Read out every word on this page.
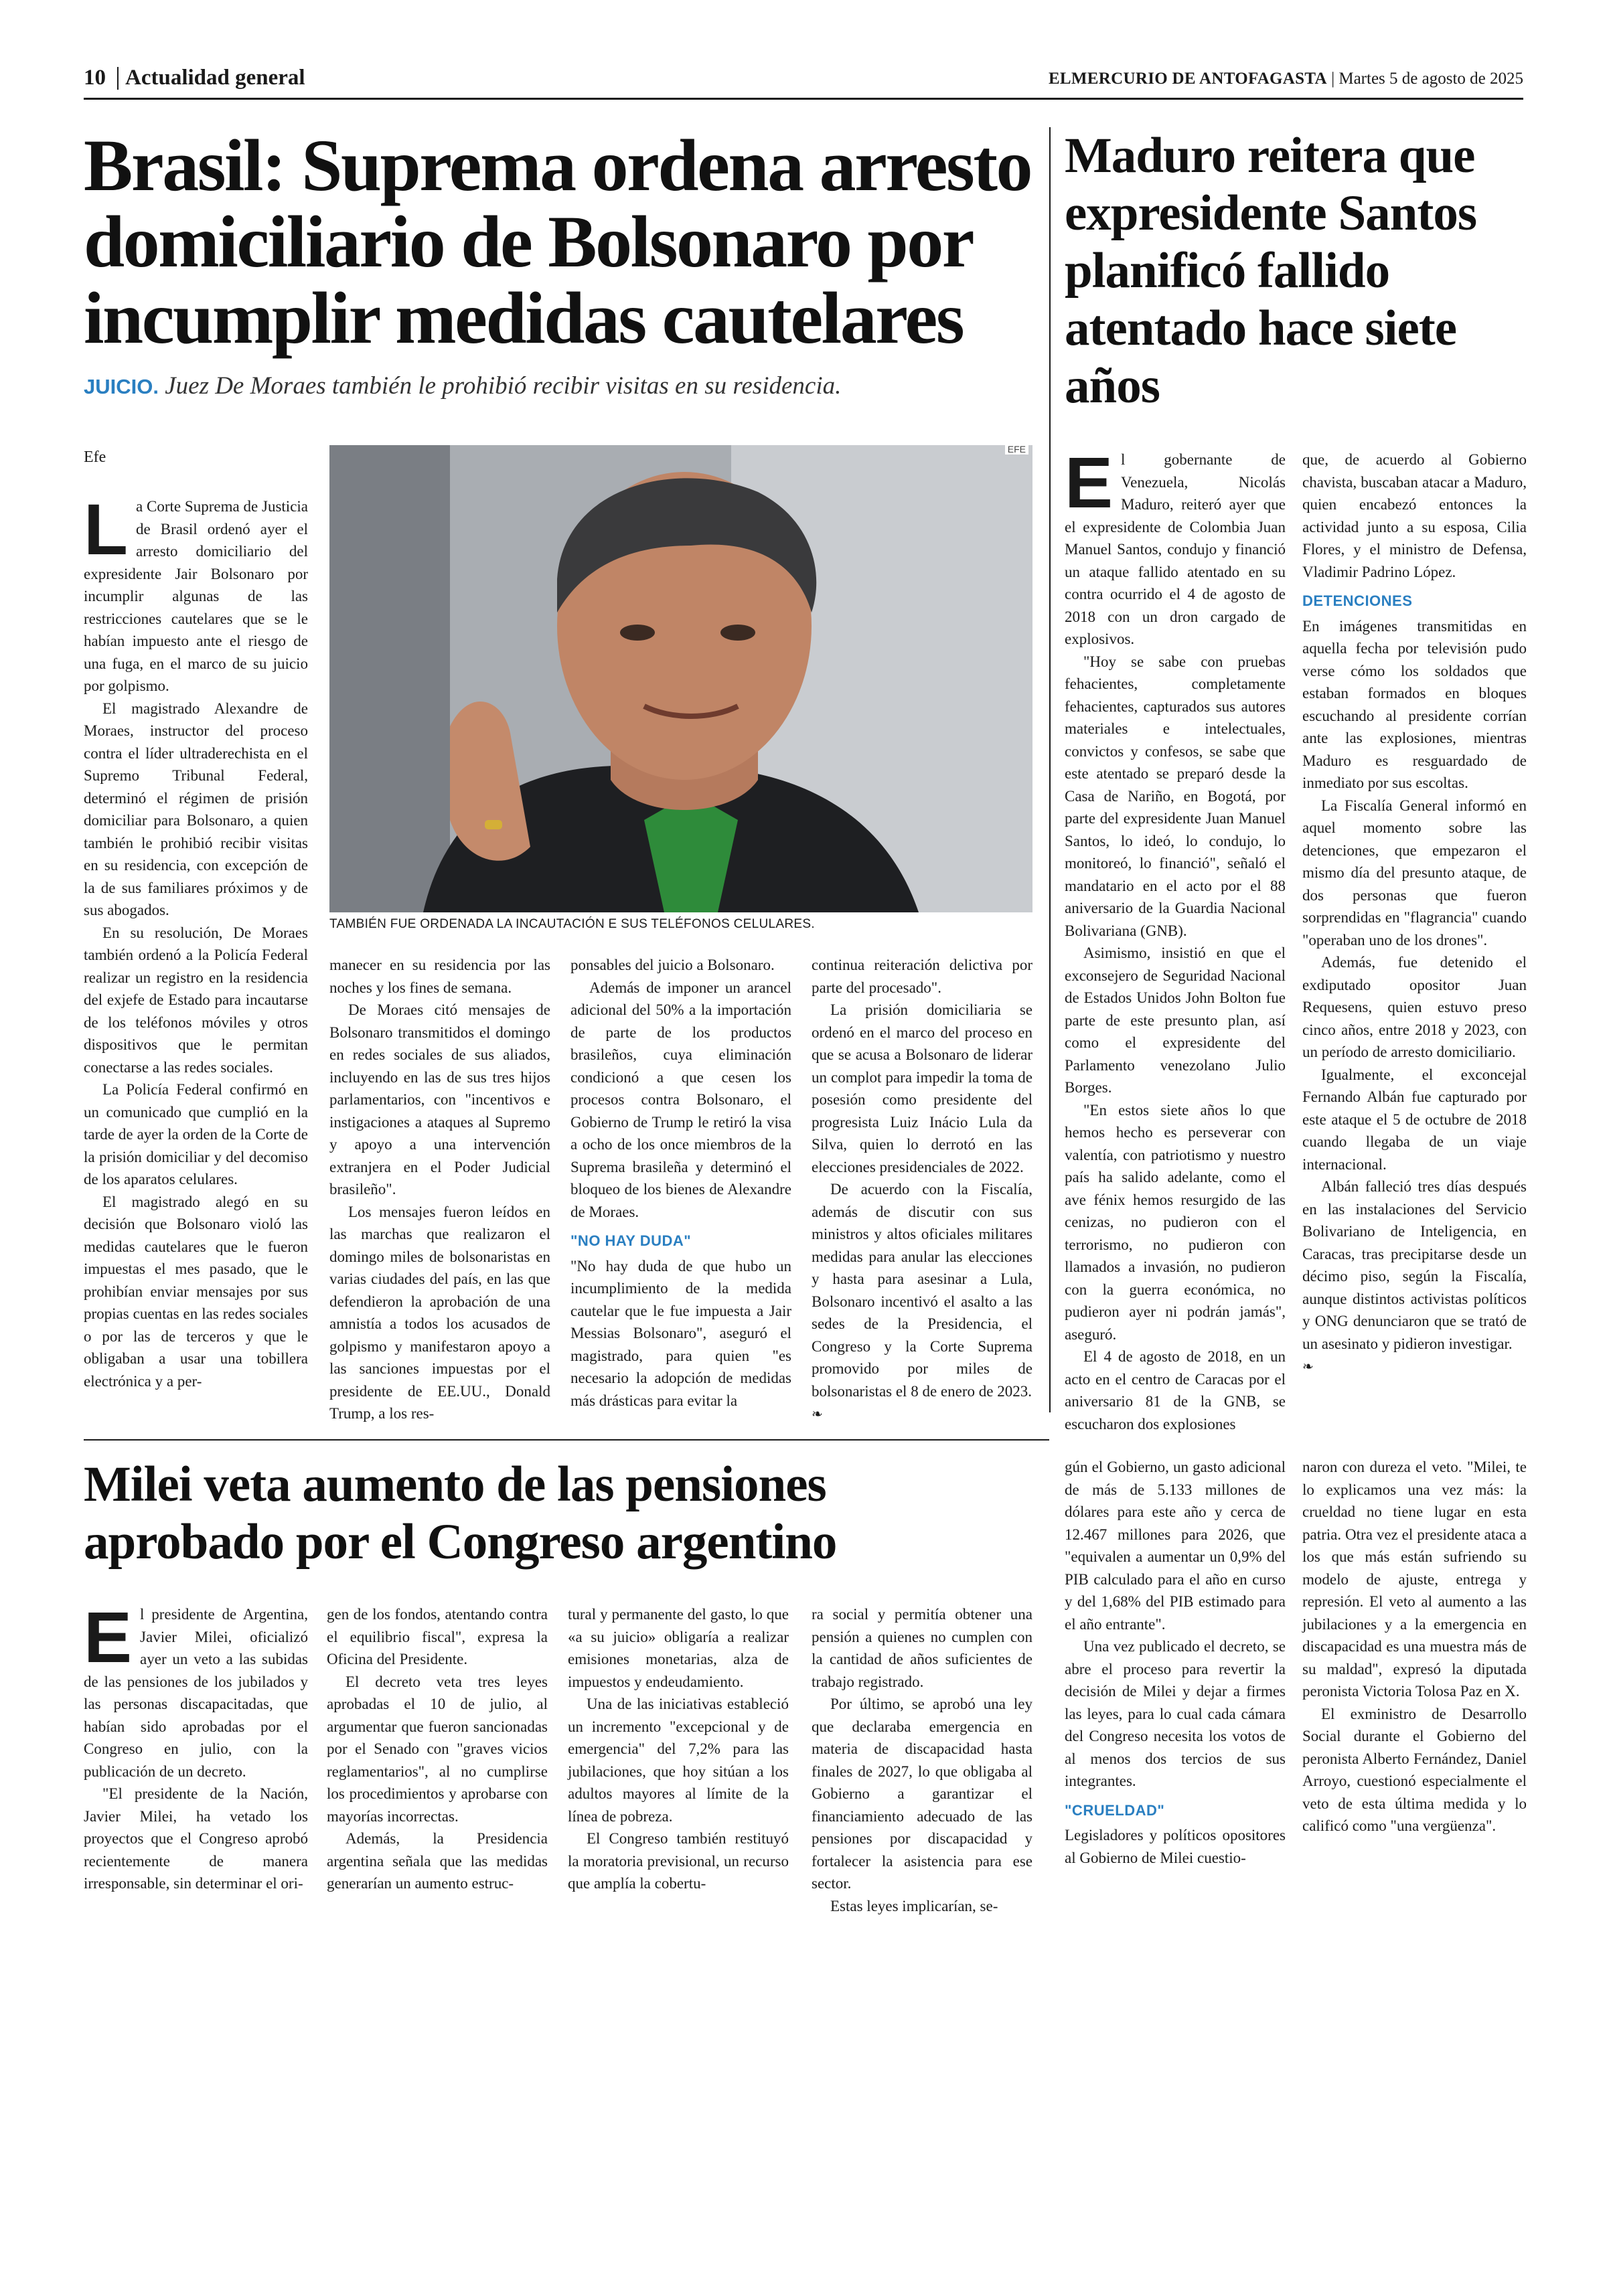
10 Actualidad general	ELMERCURIO DE ANTOFAGASTA | Martes 5 de agosto de 2025
Brasil: Suprema ordena arresto domiciliario de Bolsonaro por incumplir medidas cautelares
JUICIO. Juez De Moraes también le prohibió recibir visitas en su residencia.
Efe	EFE
TAMBIÉN FUE ORDENADA LA INCAUTACIÓN E SUS TELÉFONOS CELULARES.
L a Corte Suprema de Justicia de Brasil ordenó ayer el arresto domiciliario del expresidente Jair Bolsonaro por incumplir algunas de las restricciones cautelares que se le habían impuesto ante el riesgo de una fuga, en el marco de su juicio por golpismo.

El magistrado Alexandre de Moraes, instructor del proceso contra el líder ultraderechista en el Supremo Tribunal Federal, determinó el régimen de prisión domiciliar para Bolsonaro, a quien también le prohibió recibir visitas en su residencia, con excepción de la de sus familiares próximos y de sus abogados.

En su resolución, De Moraes también ordenó a la Policía Federal realizar un registro en la residencia del exjefe de Estado para incautarse de los teléfonos móviles y otros dispositivos que le permitan conectarse a las redes sociales.

La Policía Federal confirmó en un comunicado que cumplió en la tarde de ayer la orden de la Corte de la prisión domiciliar y del decomiso de los aparatos celulares.

El magistrado alegó en su decisión que Bolsonaro violó las medidas cautelares que le fueron impuestas el mes pasado, que le prohibían enviar mensajes por sus propias cuentas en las redes sociales o por las de terceros y que le obligaban a usar una tobillera electrónica y a per-

manecer en su residencia por las noches y los fines de semana.

De Moraes citó mensajes de Bolsonaro transmitidos el domingo en redes sociales de sus aliados, incluyendo en las de sus tres hijos parlamentarios, con "incentivos e instigaciones a ataques al Supremo y apoyo a una intervención extranjera en el Poder Judicial brasileño".

Los mensajes fueron leídos en las marchas que realizaron el domingo miles de bolsonaristas en varias ciudades del país, en las que defendieron la aprobación de una amnistía a todos los acusados de golpismo y manifestaron apoyo a las sanciones impuestas por el presidente de EE.UU., Donald Trump, a los res-

ponsables del juicio a Bolsonaro.

Además de imponer un arancel adicional del 50% a la importación de parte de los productos brasileños, cuya eliminación condicionó a que cesen los procesos contra Bolsonaro, el Gobierno de Trump le retiró la visa a ocho de los once miembros de la Suprema brasileña y determinó el bloqueo de los bienes de Alexandre de Moraes.

"NO HAY DUDA"

"No hay duda de que hubo un incumplimiento de la medida cautelar que le fue impuesta a Jair Messias Bolsonaro", aseguró el magistrado, para quien "es necesario la adopción de medidas más drásticas para evitar la

continua reiteración delictiva por parte del procesado".

La prisión domiciliaria se ordenó en el marco del proceso en que se acusa a Bolsonaro de liderar un complot para impedir la toma de posesión como presidente del progresista Luiz Inácio Lula da Silva, quien lo derrotó en las elecciones presidenciales de 2022.

De acuerdo con la Fiscalía, además de discutir con sus ministros y altos oficiales militares medidas para anular las elecciones y hasta para asesinar a Lula, Bolsonaro incentivó el asalto a las sedes de la Presidencia, el Congreso y la Corte Suprema promovido por miles de bolsonaristas el 8 de enero de 2023.

❧
Maduro reitera que expresidente Santos planificó fallido atentado hace siete años
E l gobernante de Venezuela, Nicolás Maduro, reiteró ayer que el expresidente de Colombia Juan Manuel Santos, condujo y financió un ataque fallido atentado en su contra ocurrido el 4 de agosto de 2018 con un dron cargado de explosivos.

"Hoy se sabe con pruebas fehacientes, completamente fehacientes, capturados sus autores materiales e intelectuales, convictos y confesos, se sabe que este atentado se preparó desde la Casa de Nariño, en Bogotá, por parte del expresidente Juan Manuel Santos, lo ideó, lo condujo, lo monitoreó, lo financió", señaló el mandatario en el acto por el 88 aniversario de la Guardia Nacional Bolivariana (GNB).

Asimismo, insistió en que el exconsejero de Seguridad Nacional de Estados Unidos John Bolton fue parte de este presunto plan, así como el expresidente del Parlamento venezolano Julio Borges.

"En estos siete años lo que hemos hecho es perseverar con valentía, con patriotismo y nuestro país ha salido adelante, como el ave fénix hemos resurgido de las cenizas, no pudieron con el terrorismo, no pudieron con llamados a invasión, no pudieron con la guerra económica, no pudieron ayer ni podrán jamás", aseguró.

El 4 de agosto de 2018, en un acto en el centro de Caracas por el aniversario 81 de la GNB, se escucharon dos explosiones

que, de acuerdo al Gobierno chavista, buscaban atacar a Maduro, quien encabezó entonces la actividad junto a su esposa, Cilia Flores, y el ministro de Defensa, Vladimir Padrino López.

DETENCIONES

En imágenes transmitidas en aquella fecha por televisión pudo verse cómo los soldados que estaban formados en bloques escuchando al presidente corrían ante las explosiones, mientras Maduro es resguardado de inmediato por sus escoltas.

La Fiscalía General informó en aquel momento sobre las detenciones, que empezaron el mismo día del presunto ataque, de dos personas que fueron sorprendidas en "flagrancia" cuando "operaban uno de los drones".

Además, fue detenido el exdiputado opositor Juan Requesens, quien estuvo preso cinco años, entre 2018 y 2023, con un período de arresto domiciliario.

Igualmente, el exconcejal Fernando Albán fue capturado por este ataque el 5 de octubre de 2018 cuando llegaba de un viaje internacional.

Albán falleció tres días después en las instalaciones del Servicio Bolivariano de Inteligencia, en Caracas, tras precipitarse desde un décimo piso, según la Fiscalía, aunque distintos activistas políticos y ONG denunciaron que se trató de un asesinato y pidieron investigar.

❧
Milei veta aumento de las pensiones aprobado por el Congreso argentino
E l presidente de Argentina, Javier Milei, oficializó ayer un veto a las subidas de las pensiones de los jubilados y las personas discapacitadas, que habían sido aprobadas por el Congreso en julio, con la publicación de un decreto.

"El presidente de la Nación, Javier Milei, ha vetado los proyectos que el Congreso aprobó recientemente de manera irresponsable, sin determinar el ori-

gen de los fondos, atentando contra el equilibrio fiscal", expresa la Oficina del Presidente.

El decreto veta tres leyes aprobadas el 10 de julio, al argumentar que fueron sancionadas por el Senado con "graves vicios reglamentarios", al no cumplirse los procedimientos y aprobarse con mayorías incorrectas.

Además, la Presidencia argentina señala que las medidas generarían un aumento estruc-

tural y permanente del gasto, lo que «a su juicio» obligaría a realizar emisiones monetarias, alza de impuestos y endeudamiento.

Una de las iniciativas estableció un incremento "excepcional y de emergencia" del 7,2% para las jubilaciones, que hoy sitúan a los adultos mayores al límite de la línea de pobreza.

El Congreso también restituyó la moratoria previsional, un recurso que amplía la cobertu-

ra social y permitía obtener una pensión a quienes no cumplen con la cantidad de años suficientes de trabajo registrado.

Por último, se aprobó una ley que declaraba emergencia en materia de discapacidad hasta finales de 2027, lo que obligaba al Gobierno a garantizar el financiamiento adecuado de las pensiones por discapacidad y fortalecer la asistencia para ese sector.

Estas leyes implicarían, se-

gún el Gobierno, un gasto adicional de más de 5.133 millones de dólares para este año y cerca de 12.467 millones para 2026, que "equivalen a aumentar un 0,9% del PIB calculado para el año en curso y del 1,68% del PIB estimado para el año entrante".

Una vez publicado el decreto, se abre el proceso para revertir la decisión de Milei y dejar a firmes las leyes, para lo cual cada cámara del Congreso necesita los votos de al menos dos tercios de sus integrantes.

"CRUELDAD"

Legisladores y políticos opositores al Gobierno de Milei cuestio-

naron con dureza el veto. "Milei, te lo explicamos una vez más: la crueldad no tiene lugar en esta patria. Otra vez el presidente ataca a los que más están sufriendo su modelo de ajuste, entrega y represión. El veto al aumento a las jubilaciones y a la emergencia en discapacidad es una muestra más de su maldad", expresó la diputada peronista Victoria Tolosa Paz en X.

El exministro de Desarrollo Social durante el Gobierno del peronista Alberto Fernández, Daniel Arroyo, cuestionó especialmente el veto de esta última medida y lo calificó como "una vergüenza".
